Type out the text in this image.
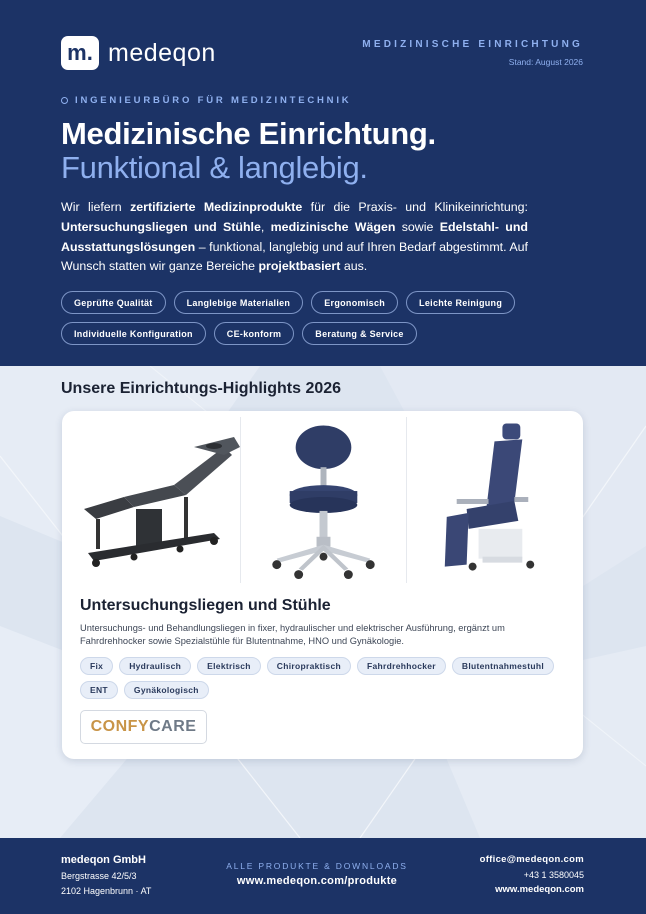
m. medeqon	MEDIZINISCHE EINRICHTUNG
Stand: August 2026
INGENIEURBÜRO FÜR MEDIZINTECHNIK
Medizinische Einrichtung.
Funktional & langlebig.

Wir liefern zertifizierte Medizinprodukte für die Praxis- und Klinikeinrichtung: Untersuchungsliegen und Stühle, medizinische Wägen sowie Edelstahl- und Ausstattungslösungen – funktional, langlebig und auf Ihren Bedarf abgestimmt. Auf Wunsch statten wir ganze Bereiche projektbasiert aus.

Geprüfte Qualität	Langlebige Materialien	Ergonomisch	Leichte Reinigung
Individuelle Konfiguration	CE-konform	Beratung & Service
Unsere Einrichtungs-Highlights 2026
Untersuchungsliegen und Stühle
Untersuchungs- und Behandlungsliegen in fixer, hydraulischer und elektrischer Ausführung, ergänzt um Fahrdrehhocker sowie Spezialstühle für Blutentnahme, HNO und Gynäkologie.
Fix	Hydraulisch	Elektrisch	Chiropraktisch	Fahrdrehhocker	Blutentnahmestuhl
ENT	Gynäkologisch
CONFY CARE
medeqon GmbH
Bergstrasse 42/5/3
2102 Hagenbrunn · AT
ALLE PRODUKTE & DOWNLOADS
www.medeqon.com/produkte
office@medeqon.com
+43 1 3580045
www.medeqon.com
